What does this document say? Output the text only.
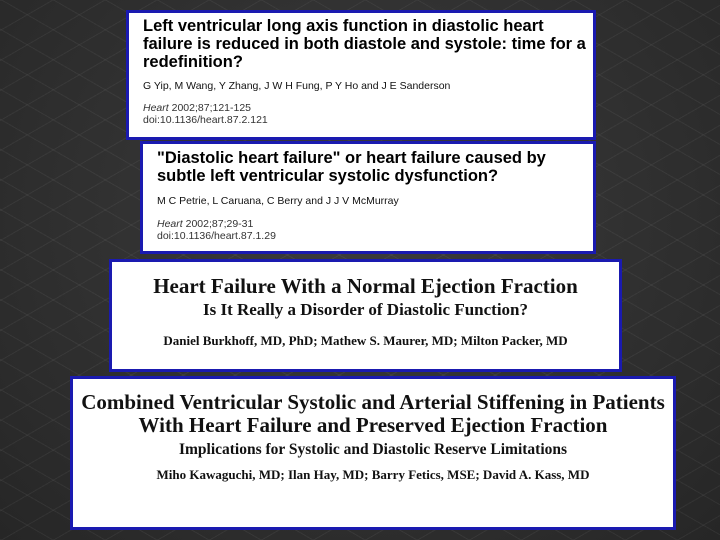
Left ventricular long axis function in diastolic heart failure is reduced in both diastole and systole: time for a redefinition?
G Yip, M Wang, Y Zhang, J W H Fung, P Y Ho and J E Sanderson
Heart 2002;87;121-125
doi:10.1136/heart.87.2.121
"Diastolic heart failure" or heart failure caused by subtle left ventricular systolic dysfunction?
M C Petrie, L Caruana, C Berry and J J V McMurray
Heart 2002;87;29-31
doi:10.1136/heart.87.1.29
Heart Failure With a Normal Ejection Fraction
Is It Really a Disorder of Diastolic Function?
Daniel Burkhoff, MD, PhD; Mathew S. Maurer, MD; Milton Packer, MD
Combined Ventricular Systolic and Arterial Stiffening in Patients With Heart Failure and Preserved Ejection Fraction
Implications for Systolic and Diastolic Reserve Limitations
Miho Kawaguchi, MD; Ilan Hay, MD; Barry Fetics, MSE; David A. Kass, MD
